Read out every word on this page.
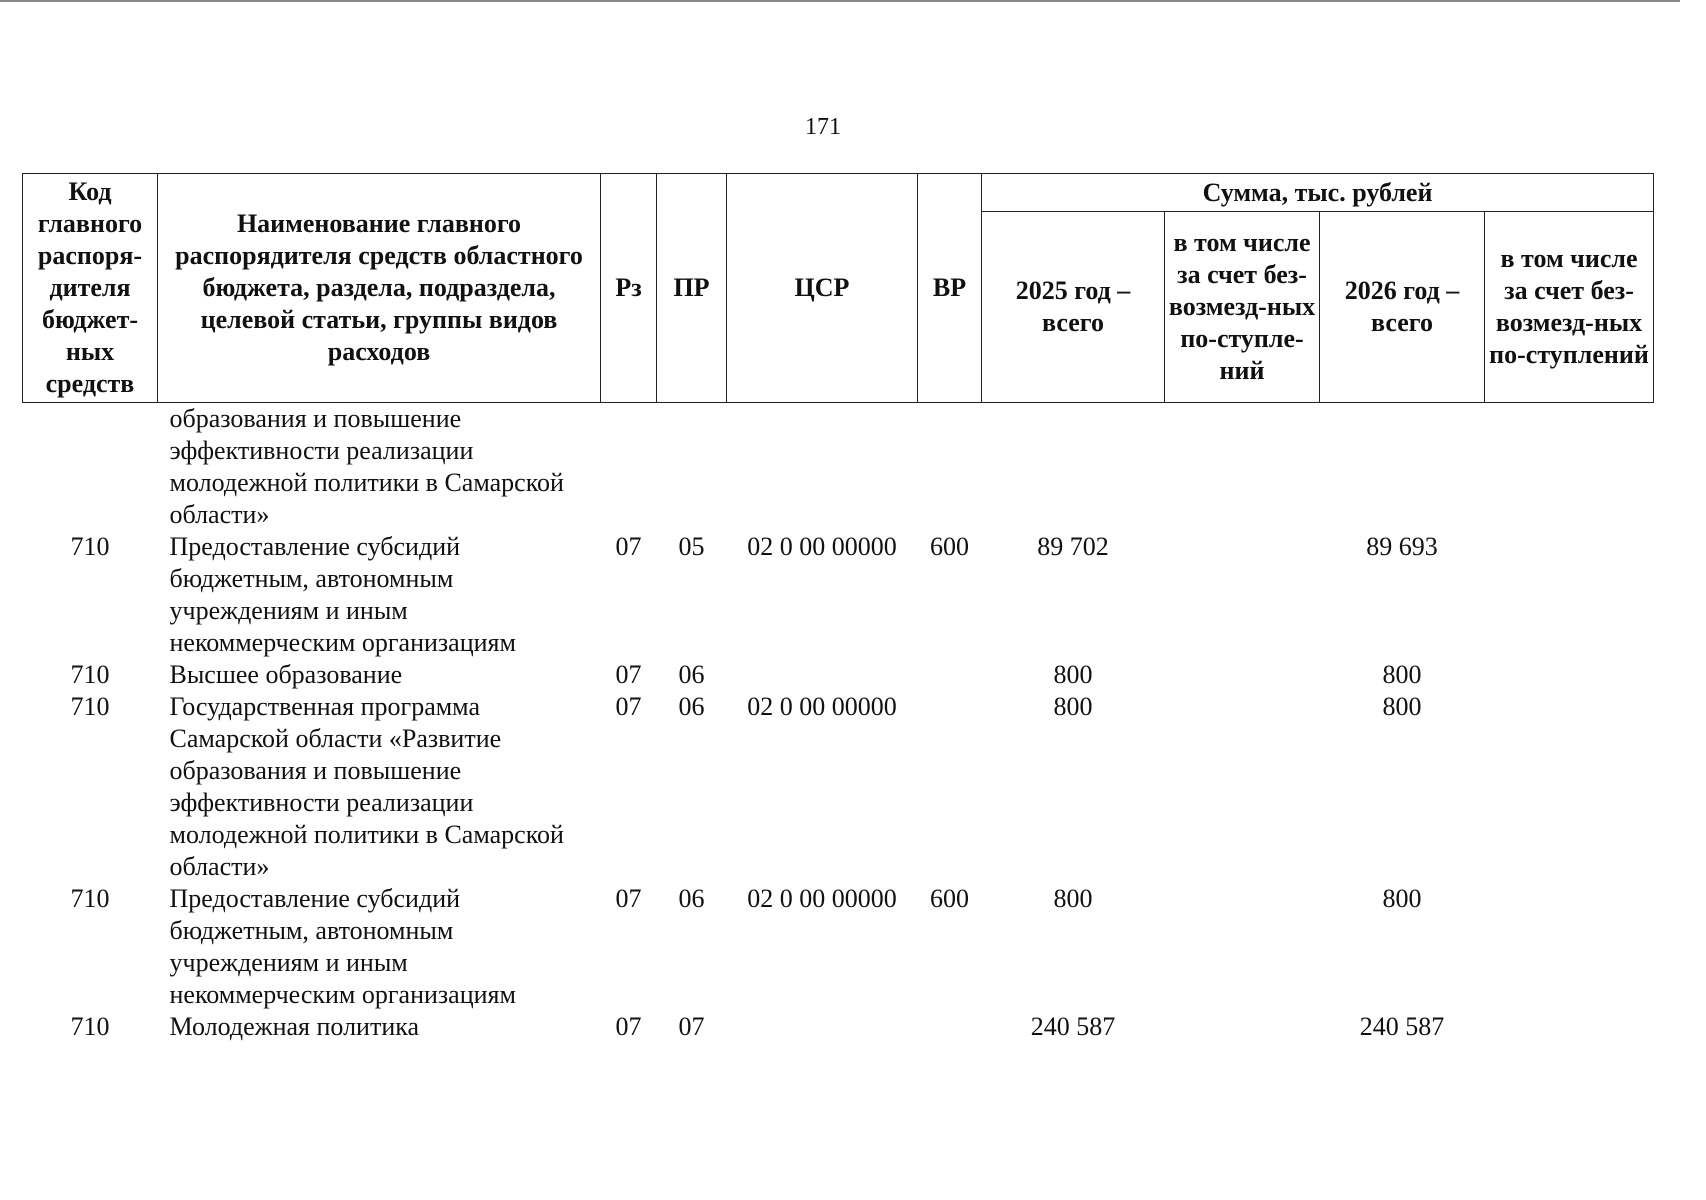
171
Код главного распоря-дителя бюджет-ных средств	Наименование главного распорядителя средств областного бюджета, раздела, подраздела, целевой статьи, группы видов расходов	Рз	ПР	ЦСР	ВР	Сумма, тыс. рублей			
						2025 год – всего	в том числе за счет без-возмезд-ных по-ступле-ний	2026 год – всего	в том числе за счет без-возмезд-ных по-ступлений
	образования и повышение эффективности реализации молодежной политики в Самарской области»								
710	Предоставление субсидий бюджетным, автономным учреждениям и иным некоммерческим организациям	07	05	02 0 00 00000	600	89 702		89 693	
710	Высшее образование	07	06			800		800	
710	Государственная программа Самарской области «Развитие образования и повышение эффективности реализации молодежной политики в Самарской области»	07	06	02 0 00 00000		800		800	
710	Предоставление субсидий бюджетным, автономным учреждениям и иным некоммерческим организациям	07	06	02 0 00 00000	600	800		800	
710	Молодежная политика	07	07			240 587		240 587	
